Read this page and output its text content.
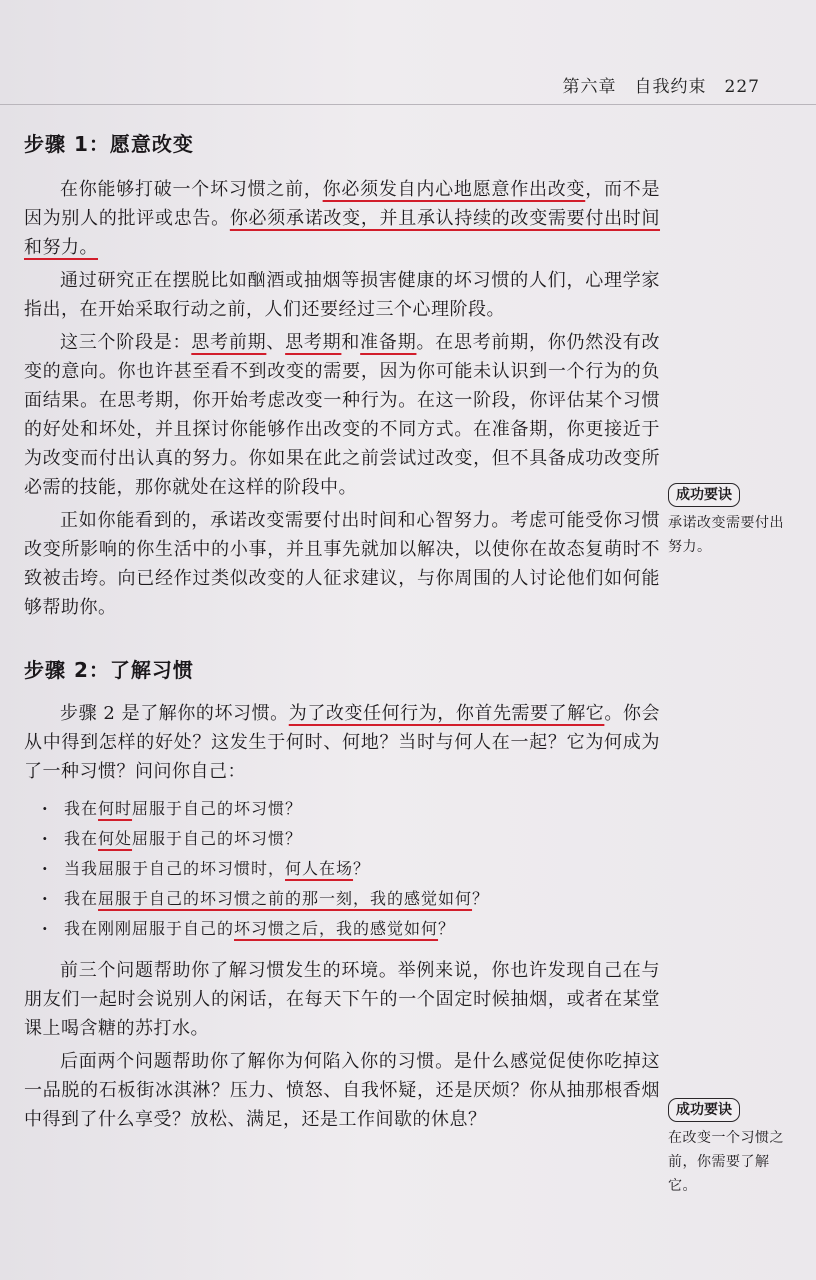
第六章　自我约束　227
步骤 1：愿意改变

在你能够打破一个坏习惯之前，你必须发自内心地愿意作出改变，而不是因为别人的批评或忠告。你必须承诺改变，并且承认持续的改变需要付出时间和努力。

通过研究正在摆脱比如酗酒或抽烟等损害健康的坏习惯的人们，心理学家指出，在开始采取行动之前，人们还要经过三个心理阶段。

这三个阶段是：思考前期、思考期和准备期。在思考前期，你仍然没有改变的意向。你也许甚至看不到改变的需要，因为你可能未认识到一个行为的负面结果。在思考期，你开始考虑改变一种行为。在这一阶段，你评估某个习惯的好处和坏处，并且探讨你能够作出改变的不同方式。在准备期，你更接近于为改变而付出认真的努力。你如果在此之前尝试过改变，但不具备成功改变所必需的技能，那你就处在这样的阶段中。

正如你能看到的，承诺改变需要付出时间和心智努力。考虑可能受你习惯改变所影响的你生活中的小事，并且事先就加以解决，以使你在故态复萌时不致被击垮。向已经作过类似改变的人征求建议，与你周围的人讨论他们如何能够帮助你。

步骤 2：了解习惯

步骤 2 是了解你的坏习惯。为了改变任何行为，你首先需要了解它。你会从中得到怎样的好处？这发生于何时、何地？当时与何人在一起？它为何成为了一种习惯？问问你自己：

· 我在何时屈服于自己的坏习惯？
· 我在何处屈服于自己的坏习惯？
· 当我屈服于自己的坏习惯时，何人在场？
· 我在屈服于自己的坏习惯之前的那一刻，我的感觉如何？
· 我在刚刚屈服于自己的坏习惯之后，我的感觉如何？

前三个问题帮助你了解习惯发生的环境。举例来说，你也许发现自己在与朋友们一起时会说别人的闲话，在每天下午的一个固定时候抽烟，或者在某堂课上喝含糖的苏打水。

后面两个问题帮助你了解你为何陷入你的习惯。是什么感觉促使你吃掉这一品脱的石板街冰淇淋？压力、愤怒、自我怀疑，还是厌烦？你从抽那根香烟中得到了什么享受？放松、满足，还是工作间歇的休息？

成功要诀
承诺改变需要付出努力。
成功要诀
在改变一个习惯之前，你需要了解它。
